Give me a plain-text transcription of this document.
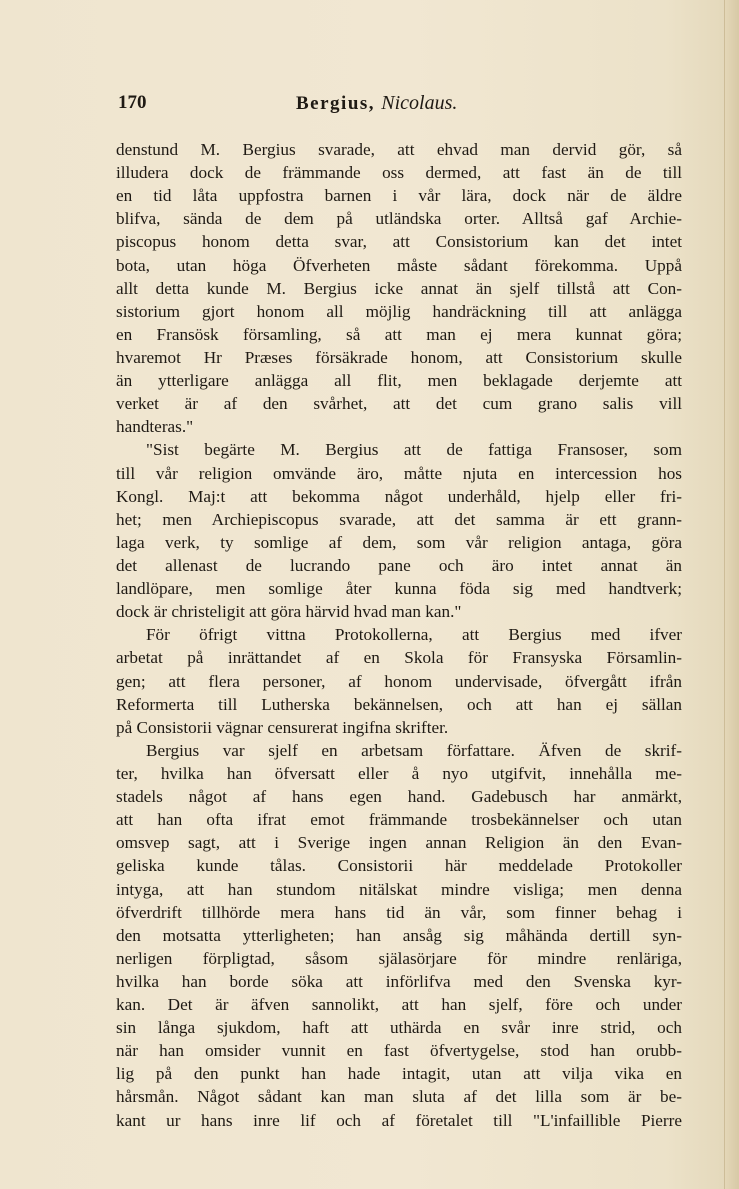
170	Bergius, Nicolaus.
denstund M. Bergius svarade, att ehvad man dervid gör, så
illudera dock de främmande oss dermed, att fast än de till
en tid låta uppfostra barnen i vår lära, dock när de äldre
blifva, sända de dem på utländska orter. Alltså gaf Archie-
piscopus honom detta svar, att Consistorium kan det intet
bota, utan höga Öfverheten måste sådant förekomma. Uppå
allt detta kunde M. Bergius icke annat än sjelf tillstå att Con-
sistorium gjort honom all möjlig handräckning till att anlägga
en Fransösk församling, så att man ej mera kunnat göra;
hvaremot Hr Præses försäkrade honom, att Consistorium skulle
än ytterligare anlägga all flit, men beklagade derjemte att
verket är af den svårhet, att det cum grano salis vill
handteras."
"Sist begärte M. Bergius att de fattiga Fransoser, som
till vår religion omvände äro, måtte njuta en intercession hos
Kongl. Maj:t att bekomma något underhåld, hjelp eller fri-
het; men Archiepiscopus svarade, att det samma är ett grann-
laga verk, ty somlige af dem, som vår religion antaga, göra
det allenast de lucrando pane och äro intet annat än
landlöpare, men somlige åter kunna föda sig med handtverk;
dock är christeligit att göra härvid hvad man kan."
För öfrigt vittna Protokollerna, att Bergius med ifver
arbetat på inrättandet af en Skola för Fransyska Församlin-
gen; att flera personer, af honom undervisade, öfvergått ifrån
Reformerta till Lutherska bekännelsen, och att han ej sällan
på Consistorii vägnar censurerat ingifna skrifter.
Bergius var sjelf en arbetsam författare. Äfven de skrif-
ter, hvilka han öfversatt eller å nyo utgifvit, innehålla me-
stadels något af hans egen hand. Gadebusch har anmärkt,
att han ofta ifrat emot främmande trosbekännelser och utan
omsvep sagt, att i Sverige ingen annan Religion än den Evan-
geliska kunde tålas. Consistorii här meddelade Protokoller
intyga, att han stundom nitälskat mindre visliga; men denna
öfverdrift tillhörde mera hans tid än vår, som finner behag i
den motsatta ytterligheten; han ansåg sig måhända dertill syn-
nerligen förpligtad, såsom själasörjare för mindre renläriga,
hvilka han borde söka att införlifva med den Svenska kyr-
kan. Det är äfven sannolikt, att han sjelf, före och under
sin långa sjukdom, haft att uthärda en svår inre strid, och
när han omsider vunnit en fast öfvertygelse, stod han orubb-
lig på den punkt han hade intagit, utan att vilja vika en
hårsmån. Något sådant kan man sluta af det lilla som är be-
kant ur hans inre lif och af företalet till "L'infaillible Pierre
